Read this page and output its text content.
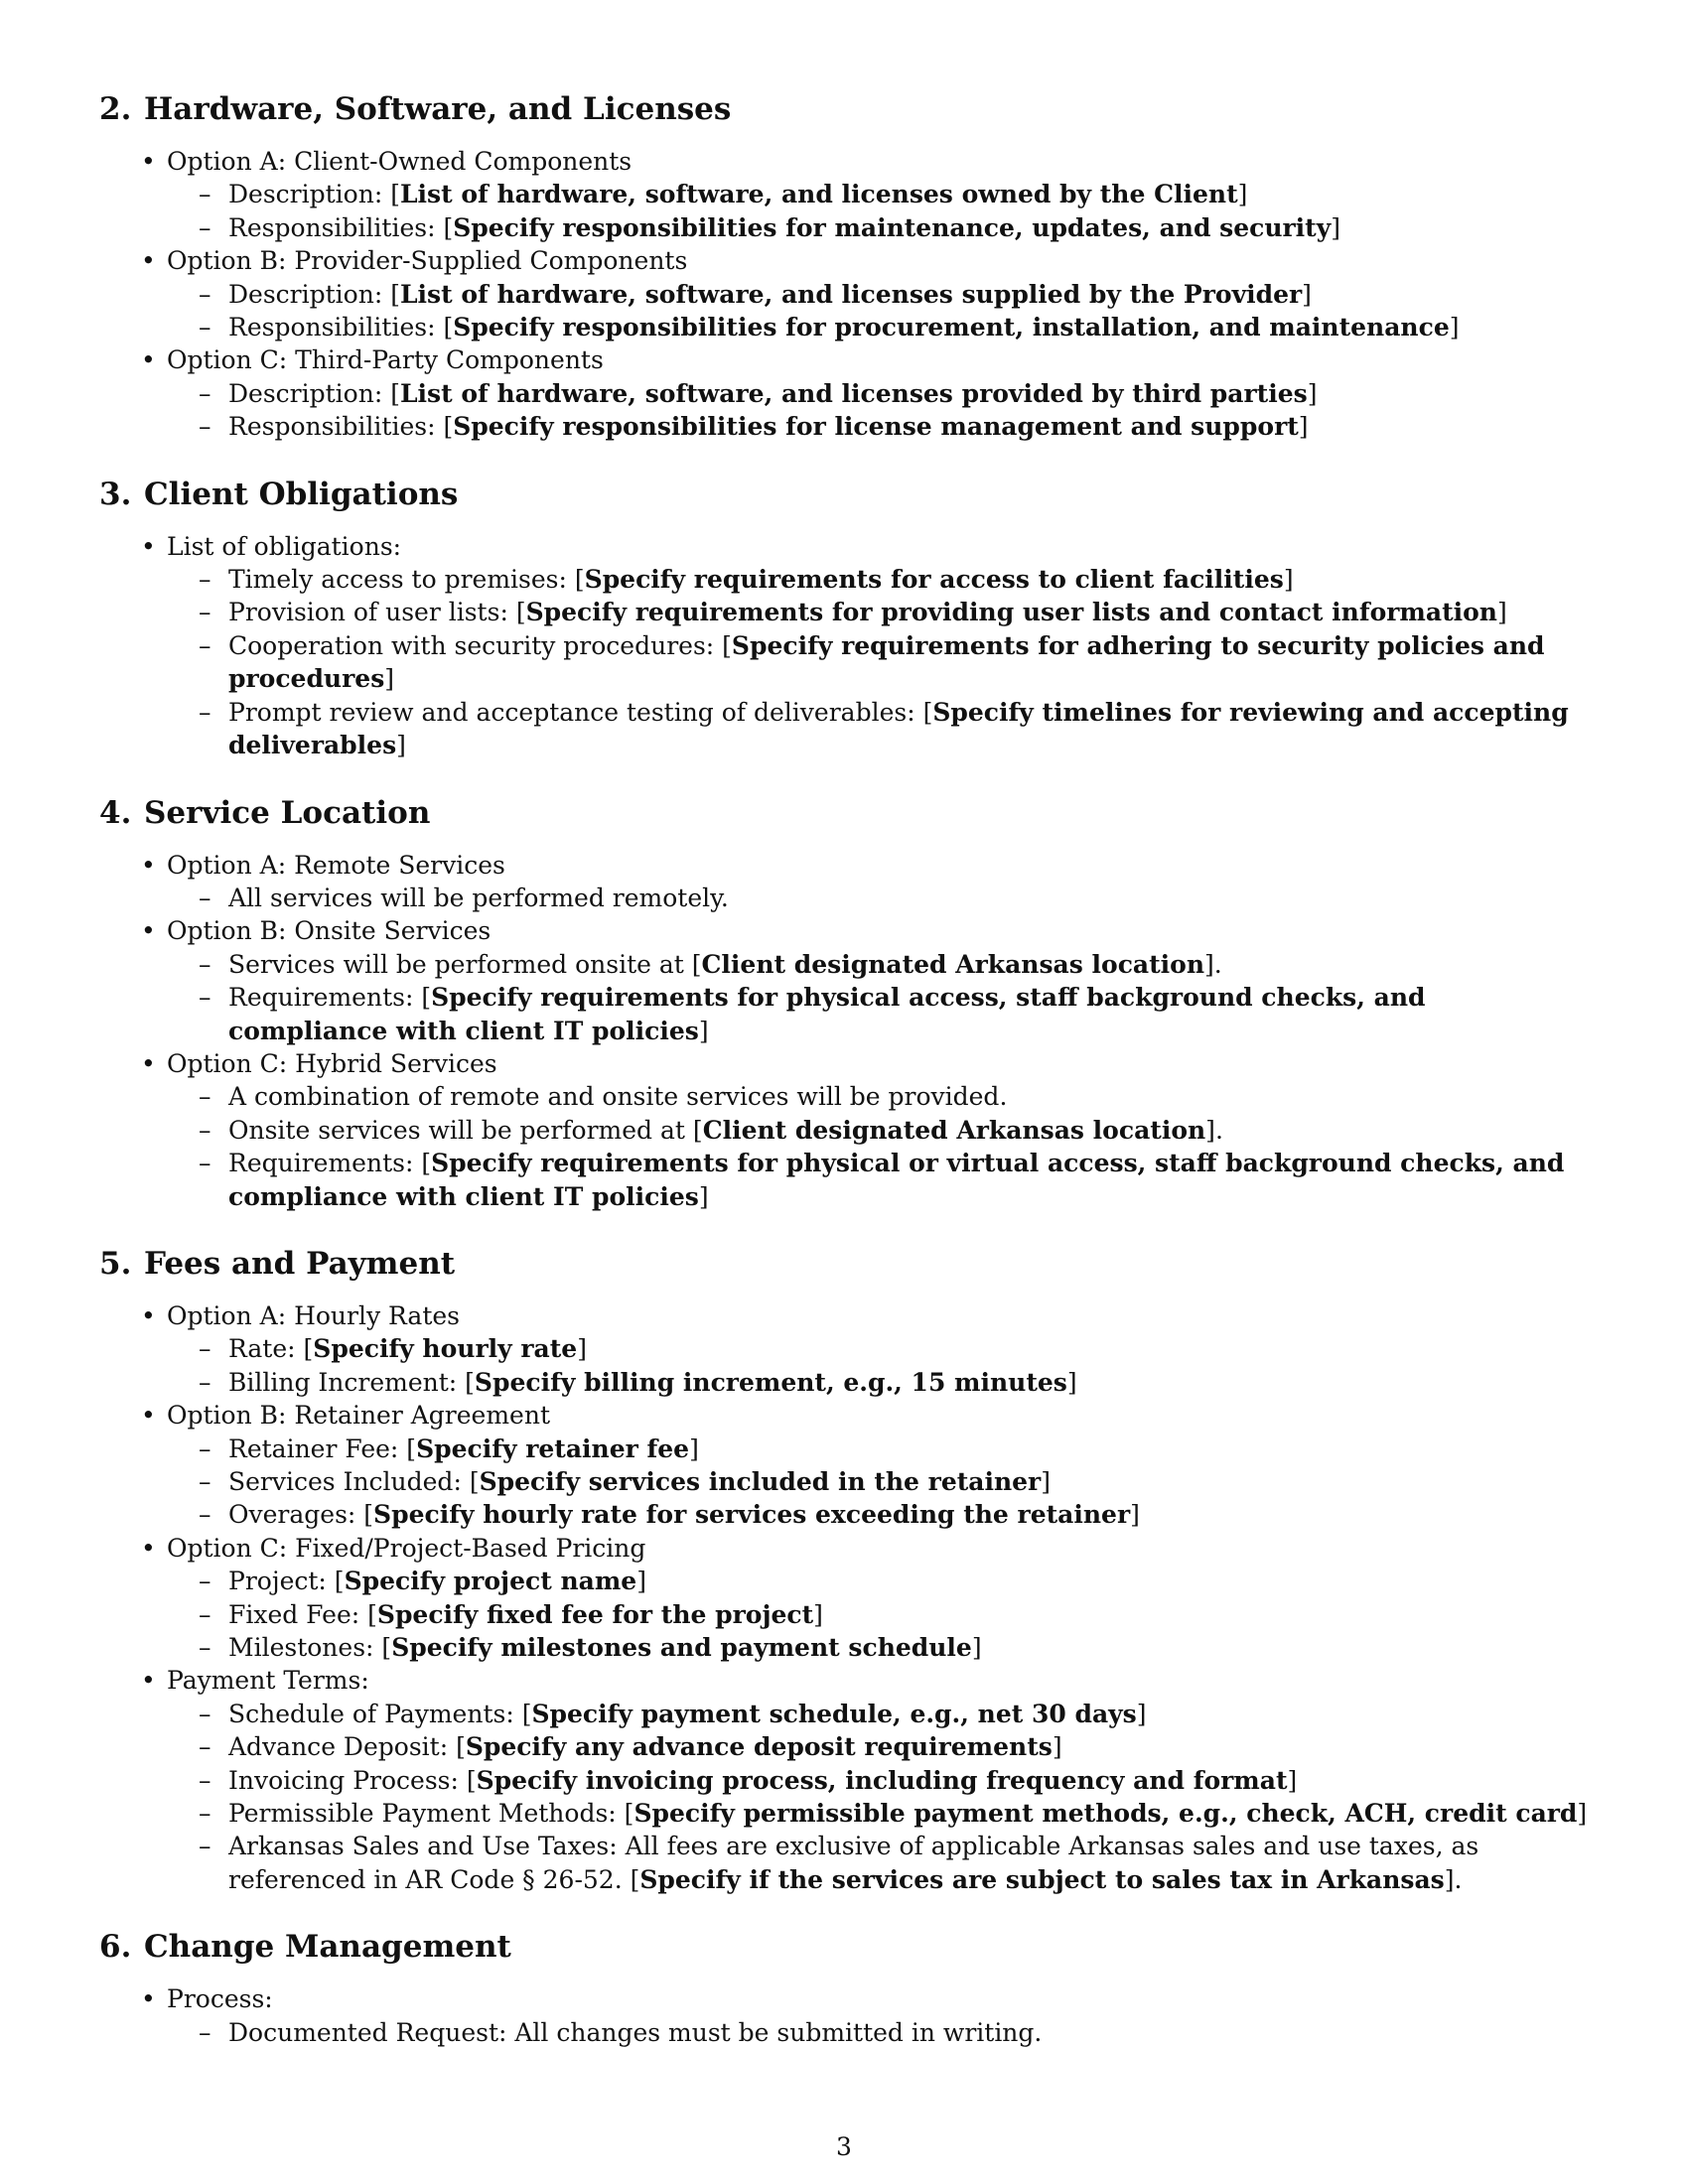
2. Hardware, Software, and Licenses
• Option A: Client-Owned Components
– Description: [List of hardware, software, and licenses owned by the Client]
– Responsibilities: [Specify responsibilities for maintenance, updates, and security]
• Option B: Provider-Supplied Components
– Description: [List of hardware, software, and licenses supplied by the Provider]
– Responsibilities: [Specify responsibilities for procurement, installation, and maintenance]
• Option C: Third-Party Components
– Description: [List of hardware, software, and licenses provided by third parties]
– Responsibilities: [Specify responsibilities for license management and support]
3. Client Obligations
• List of obligations:
– Timely access to premises: [Specify requirements for access to client facilities]
– Provision of user lists: [Specify requirements for providing user lists and contact information]
– Cooperation with security procedures: [Specify requirements for adhering to security policies and procedures]
– Prompt review and acceptance testing of deliverables: [Specify timelines for reviewing and accepting deliverables]
4. Service Location
• Option A: Remote Services
– All services will be performed remotely.
• Option B: Onsite Services
– Services will be performed onsite at [Client designated Arkansas location].
– Requirements: [Specify requirements for physical access, staff background checks, and compliance with client IT policies]
• Option C: Hybrid Services
– A combination of remote and onsite services will be provided.
– Onsite services will be performed at [Client designated Arkansas location].
– Requirements: [Specify requirements for physical or virtual access, staff background checks, and compliance with client IT policies]
5. Fees and Payment
• Option A: Hourly Rates
– Rate: [Specify hourly rate]
– Billing Increment: [Specify billing increment, e.g., 15 minutes]
• Option B: Retainer Agreement
– Retainer Fee: [Specify retainer fee]
– Services Included: [Specify services included in the retainer]
– Overages: [Specify hourly rate for services exceeding the retainer]
• Option C: Fixed/Project-Based Pricing
– Project: [Specify project name]
– Fixed Fee: [Specify fixed fee for the project]
– Milestones: [Specify milestones and payment schedule]
• Payment Terms:
– Schedule of Payments: [Specify payment schedule, e.g., net 30 days]
– Advance Deposit: [Specify any advance deposit requirements]
– Invoicing Process: [Specify invoicing process, including frequency and format]
– Permissible Payment Methods: [Specify permissible payment methods, e.g., check, ACH, credit card]
– Arkansas Sales and Use Taxes: All fees are exclusive of applicable Arkansas sales and use taxes, as referenced in AR Code § 26-52. [Specify if the services are subject to sales tax in Arkansas].
6. Change Management
• Process:
– Documented Request: All changes must be submitted in writing.
3
